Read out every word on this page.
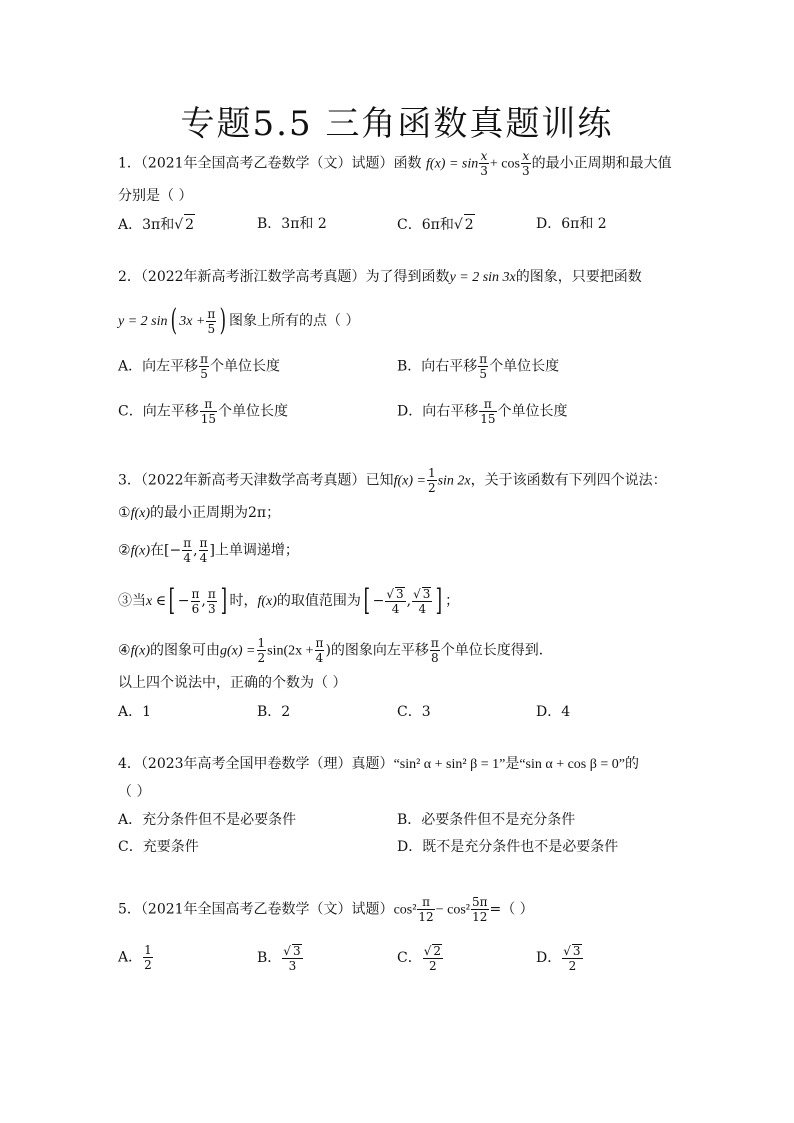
专题5.5 三角函数真题训练
1．（2021年全国高考乙卷数学（文）试题）函数 $f(x) = \sin \frac{x}{3} + \cos \frac{x}{3}$ 的最小正周期和最大值
分别是（ ）
A．3π和√ 2	B．3π和 2	C．6π和√ 2	D．6π和 2
2．（2022年新高考浙江数学高考真题）为了得到函数y = 2 sin 3x的图象，只要把函数
y = 2 sin( $3x + \frac{\pi}{5}$ ) 图象上所有的点（ ）
A．向左平移 $\frac{\pi}{5}$ 个单位长度	B．向右平移 $\frac{\pi}{5}$ 个单位长度
C．向左平移 $\frac{\pi}{15}$ 个单位长度	D．向右平移 $\frac{\pi}{15}$ 个单位长度
3．（2022年新高考天津数学高考真题）已知$f(x) = \frac{1}{2}$ sin 2x，关于该函数有下列四个说法：
①f(x)的最小正周期为2π；
②f(x)在[− $\frac{\pi}{4}$ , $\frac{\pi}{4}$ ]上单调递增；
③当x ∈[ − $\frac{\pi}{6}$ , $\frac{\pi}{3}$ ] 时，f(x)的取值范围为[ − $\frac{√ 3}{4}$ , $\frac{√ 3}{4}$ ] ；
④f(x)的图象可由$g(x) = \frac{1}{2} \sin(2x + \frac{\pi}{4}$ )的图象向左平移 $\frac{\pi}{8}$ 个单位长度得到．
以上四个说法中，正确的个数为（ ）
A．1	B．2	C．3	D．4
4．（2023年高考全国甲卷数学（理）真题）“sin² α + sin² β = 1”是“sin α + cos β = 0”的
（ ）
A．充分条件但不是必要条件	B．必要条件但不是充分条件
C．充要条件	D．既不是充分条件也不是必要条件
5．（2021年全国高考乙卷数学（文）试题）$\cos^2 \frac{\pi}{12} - \cos^2 \frac{5\pi}{12}$ =（ ）
A． $\frac{1}{2}$	B． $\frac{√ 3}{3}$	C． $\frac{√ 2}{2}$	D． $\frac{√ 3}{2}$
